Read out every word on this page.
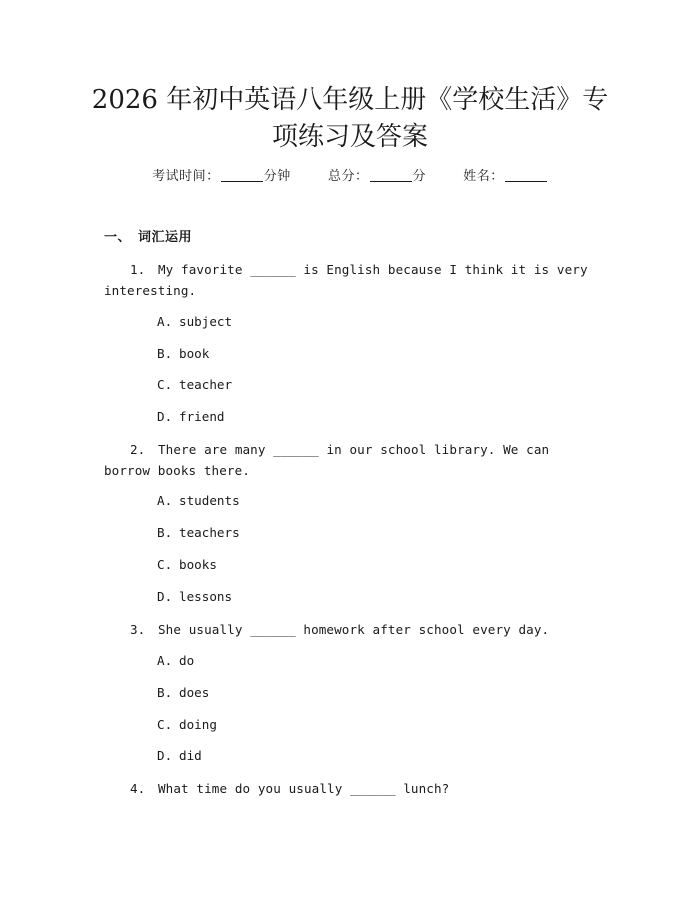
2026 年初中英语八年级上册《学校生活》专
项练习及答案
考试时间：	分钟	总分：	分	姓名：
一、 词汇运用
1. My favorite ______ is English because I think it is very interesting.
A. subject
B. book
C. teacher
D. friend
2. There are many ______ in our school library. We can borrow books there.
A. students
B. teachers
C. books
D. lessons
3. She usually ______ homework after school every day.
A. do
B. does
C. doing
D. did
4. What time do you usually ______ lunch?
